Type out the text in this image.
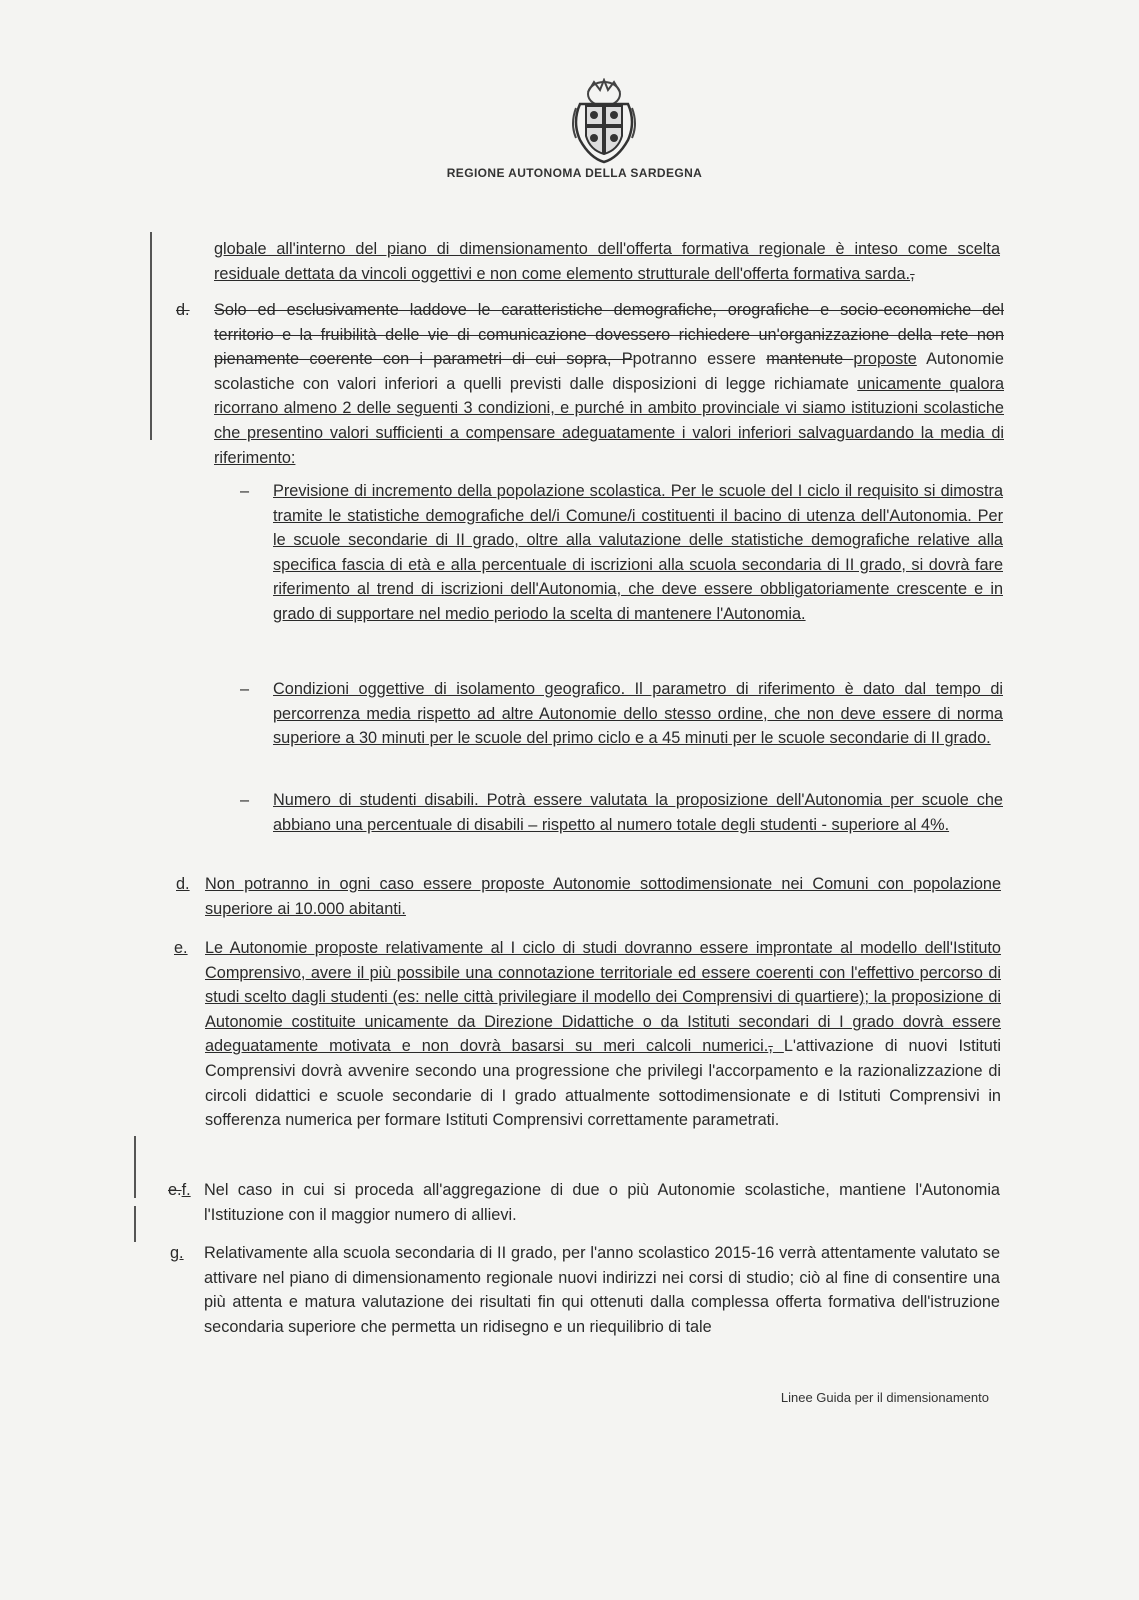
REGIONE AUTONOMA DELLA SARDEGNA
globale all'interno del piano di dimensionamento dell'offerta formativa regionale è inteso come scelta residuale dettata da vincoli oggettivi e non come elemento strutturale dell'offerta formativa sarda.,
d. Solo ed esclusivamente laddove le caratteristiche demografiche, orografiche e socio-economiche del territorio e la fruibilità delle vie di comunicazione dovessero richiedere un'organizzazione della rete non pienamente coerente con i parametri di cui sopra, Ppotranno essere mantenute proposte Autonomie scolastiche con valori inferiori a quelli previsti dalle disposizioni di legge richiamate unicamente qualora ricorrano almeno 2 delle seguenti 3 condizioni, e purché in ambito provinciale vi siamo istituzioni scolastiche che presentino valori sufficienti a compensare adeguatamente i valori inferiori salvaguardando la media di riferimento:
– Previsione di incremento della popolazione scolastica. Per le scuole del I ciclo il requisito si dimostra tramite le statistiche demografiche del/i Comune/i costituenti il bacino di utenza dell'Autonomia. Per le scuole secondarie di II grado, oltre alla valutazione delle statistiche demografiche relative alla specifica fascia di età e alla percentuale di iscrizioni alla scuola secondaria di II grado, si dovrà fare riferimento al trend di iscrizioni dell'Autonomia, che deve essere obbligatoriamente crescente e in grado di supportare nel medio periodo la scelta di mantenere l'Autonomia.
– Condizioni oggettive di isolamento geografico. Il parametro di riferimento è dato dal tempo di percorrenza media rispetto ad altre Autonomie dello stesso ordine, che non deve essere di norma superiore a 30 minuti per le scuole del primo ciclo e a 45 minuti per le scuole secondarie di II grado.
– Numero di studenti disabili. Potrà essere valutata la proposizione dell'Autonomia per scuole che abbiano una percentuale di disabili – rispetto al numero totale degli studenti - superiore al 4%.
d. Non potranno in ogni caso essere proposte Autonomie sottodimensionate nei Comuni con popolazione superiore ai 10.000 abitanti.
e. Le Autonomie proposte relativamente al I ciclo di studi dovranno essere improntate al modello dell'Istituto Comprensivo, avere il più possibile una connotazione territoriale ed essere coerenti con l'effettivo percorso di studi scelto dagli studenti (es: nelle città privilegiare il modello dei Comprensivi di quartiere); la proposizione di Autonomie costituite unicamente da Direzione Didattiche o da Istituti secondari di I grado dovrà essere adeguatamente motivata e non dovrà basarsi su meri calcoli numerici., L'attivazione di nuovi Istituti Comprensivi dovrà avvenire secondo una progressione che privilegi l'accorpamento e la razionalizzazione di circoli didattici e scuole secondarie di I grado attualmente sottodimensionate e di Istituti Comprensivi in sofferenza numerica per formare Istituti Comprensivi correttamente parametrati.
e.f. Nel caso in cui si proceda all'aggregazione di due o più Autonomie scolastiche, mantiene l'Autonomia l'Istituzione con il maggior numero di allievi.
g. Relativamente alla scuola secondaria di II grado, per l'anno scolastico 2015-16 verrà attentamente valutato se attivare nel piano di dimensionamento regionale nuovi indirizzi nei corsi di studio; ciò al fine di consentire una più attenta e matura valutazione dei risultati fin qui ottenuti dalla complessa offerta formativa dell'istruzione secondaria superiore che permetta un ridisegno e un riequilibrio di tale
Linee Guida per il dimensionamento
